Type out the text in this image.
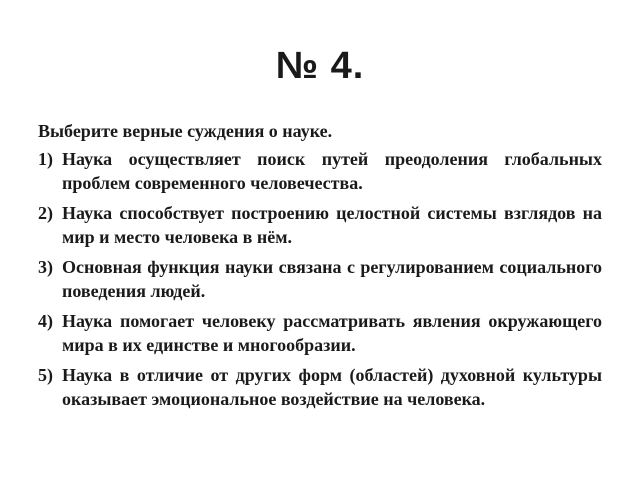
№ 4.
Выберите верные суждения о науке.
1) Наука осуществляет поиск путей преодоления глобальных проблем современного человечества.
2) Наука способствует построению целостной системы взглядов на мир и место человека в нём.
3) Основная функция науки связана с регулированием социального поведения людей.
4) Наука помогает человеку рассматривать явления окружающего мира в их единстве и многообразии.
5) Наука в отличие от других форм (областей) духовной культуры оказывает эмоциональное воздействие на человека.
